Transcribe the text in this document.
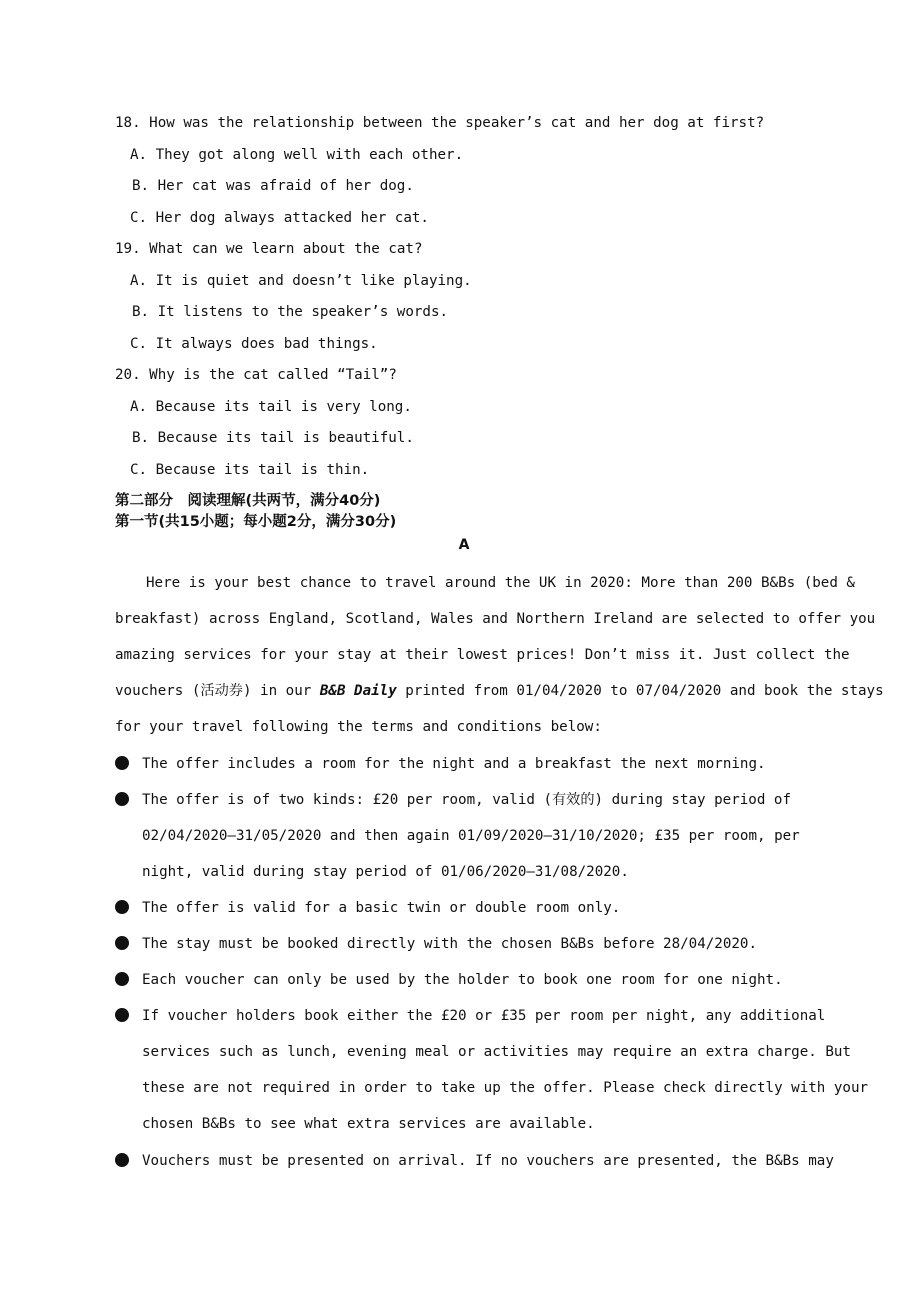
18. How was the relationship between the speaker’s cat and her dog at first?
A. They got along well with each other.
B. Her cat was afraid of her dog.
C. Her dog always attacked her cat.
19. What can we learn about the cat?
A. It is quiet and doesn’t like playing.
B. It listens to the speaker’s words.
C. It always does bad things.
20. Why is the cat called “Tail”?
A. Because its tail is very long.
B. Because its tail is beautiful.
C. Because its tail is thin.
第二部分　阅读理解(共两节，满分40分)
第一节(共15小题；每小题2分，满分30分)
A
Here is your best chance to travel around the UK in 2020: More than 200 B&Bs (bed &
breakfast) across England, Scotland, Wales and Northern Ireland are selected to offer you
amazing services for your stay at their lowest prices! Don’t miss it. Just collect the
vouchers (活动券) in our B&B Daily printed from 01/04/2020 to 07/04/2020 and book the stays
for your travel following the terms and conditions below:
The offer includes a room for the night and a breakfast the next morning.
The offer is of two kinds: £20 per room, valid (有效的) during stay period of
02/04/2020—31/05/2020 and then again 01/09/2020—31/10/2020; £35 per room, per
night, valid during stay period of 01/06/2020—31/08/2020.
The offer is valid for a basic twin or double room only.
The stay must be booked directly with the chosen B&Bs before 28/04/2020.
Each voucher can only be used by the holder to book one room for one night.
If voucher holders book either the £20 or £35 per room per night, any additional
services such as lunch, evening meal or activities may require an extra charge. But
these are not required in order to take up the offer. Please check directly with your
chosen B&Bs to see what extra services are available.
Vouchers must be presented on arrival. If no vouchers are presented, the B&Bs may
